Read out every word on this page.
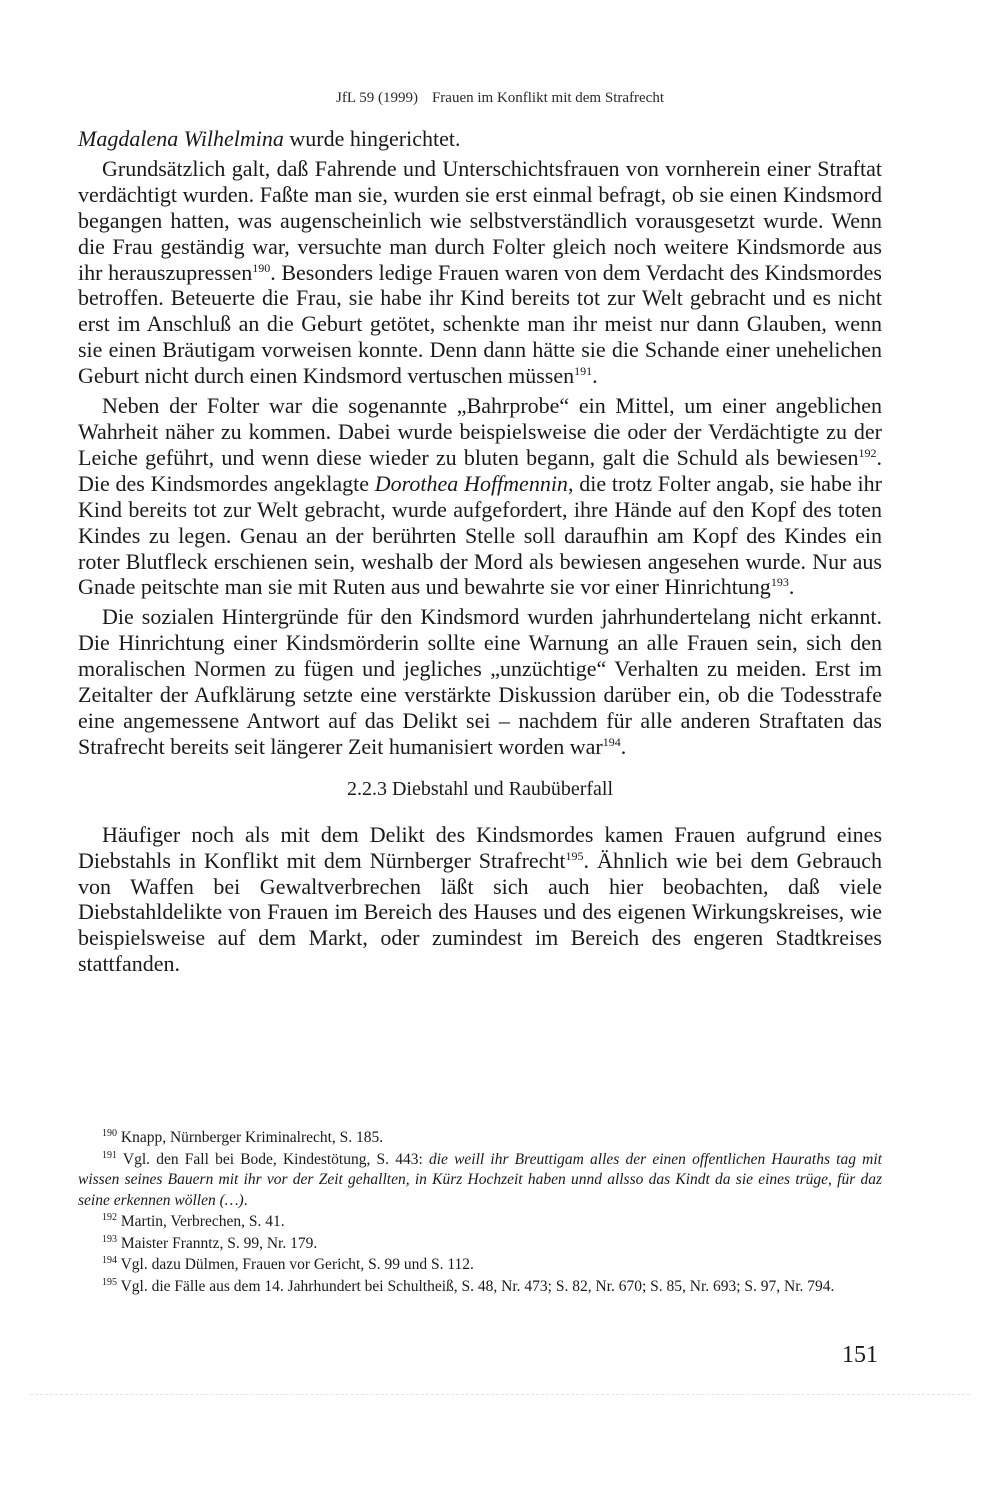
JfL 59 (1999) Frauen im Konflikt mit dem Strafrecht

Magdalena Wilhelmina wurde hingerichtet.

Grundsätzlich galt, daß Fahrende und Unterschichtsfrauen von vornherein einer Straftat verdächtigt wurden. Faßte man sie, wurden sie erst einmal befragt, ob sie einen Kindsmord begangen hatten, was augenscheinlich wie selbstverständlich vorausgesetzt wurde. Wenn die Frau geständig war, versuchte man durch Folter gleich noch weitere Kindsmorde aus ihr herauszupressen$^{190}$. Besonders ledige Frauen waren von dem Verdacht des Kindsmordes betroffen. Beteuerte die Frau, sie habe ihr Kind bereits tot zur Welt gebracht und es nicht erst im Anschluß an die Geburt getötet, schenkte man ihr meist nur dann Glauben, wenn sie einen Bräutigam vorweisen konnte. Denn dann hätte sie die Schande einer unehelichen Geburt nicht durch einen Kindsmord vertuschen müssen$^{191}$.

Neben der Folter war die sogenannte „Bahrprobe“ ein Mittel, um einer angeblichen Wahrheit näher zu kommen. Dabei wurde beispielsweise die oder der Verdächtigte zu der Leiche geführt, und wenn diese wieder zu bluten begann, galt die Schuld als bewiesen$^{192}$. Die des Kindsmordes angeklagte Dorothea Hoffmennin, die trotz Folter angab, sie habe ihr Kind bereits tot zur Welt gebracht, wurde aufgefordert, ihre Hände auf den Kopf des toten Kindes zu legen. Genau an der berührten Stelle soll daraufhin am Kopf des Kindes ein roter Blutfleck erschienen sein, weshalb der Mord als bewiesen angesehen wurde. Nur aus Gnade peitschte man sie mit Ruten aus und bewahrte sie vor einer Hinrichtung$^{193}$.

Die sozialen Hintergründe für den Kindsmord wurden jahrhundertelang nicht erkannt. Die Hinrichtung einer Kindsmörderin sollte eine Warnung an alle Frauen sein, sich den moralischen Normen zu fügen und jegliches „unzüchtige“ Verhalten zu meiden. Erst im Zeitalter der Aufklärung setzte eine verstärkte Diskussion darüber ein, ob die Todesstrafe eine angemessene Antwort auf das Delikt sei – nachdem für alle anderen Straftaten das Strafrecht bereits seit längerer Zeit humanisiert worden war$^{194}$.

2.2.3 Diebstahl und Raubüberfall

Häufiger noch als mit dem Delikt des Kindsmordes kamen Frauen aufgrund eines Diebstahls in Konflikt mit dem Nürnberger Strafrecht$^{195}$. Ähnlich wie bei dem Gebrauch von Waffen bei Gewaltverbrechen läßt sich auch hier beobachten, daß viele Diebstahldelikte von Frauen im Bereich des Hauses und des eigenen Wirkungskreises, wie beispielsweise auf dem Markt, oder zumindest im Bereich des engeren Stadtkreises stattfanden.

$^{190}$ Knapp, Nürnberger Kriminalrecht, S. 185.

$^{191}$ Vgl. den Fall bei Bode, Kindestötung, S. 443: die weill ihr Breuttigam alles der einen offentlichen Hauraths tag mit wissen seines Bauern mit ihr vor der Zeit gehallten, in Kürz Hochzeit haben unnd allsso das Kindt da sie eines trüge, für daz seine erkennen wöllen (…).

$^{192}$ Martin, Verbrechen, S. 41.

$^{193}$ Maister Franntz, S. 99, Nr. 179.

$^{194}$ Vgl. dazu Dülmen, Frauen vor Gericht, S. 99 und S. 112.

$^{195}$ Vgl. die Fälle aus dem 14. Jahrhundert bei Schultheiß, S. 48, Nr. 473; S. 82, Nr. 670; S. 85, Nr. 693; S. 97, Nr. 794.

151
